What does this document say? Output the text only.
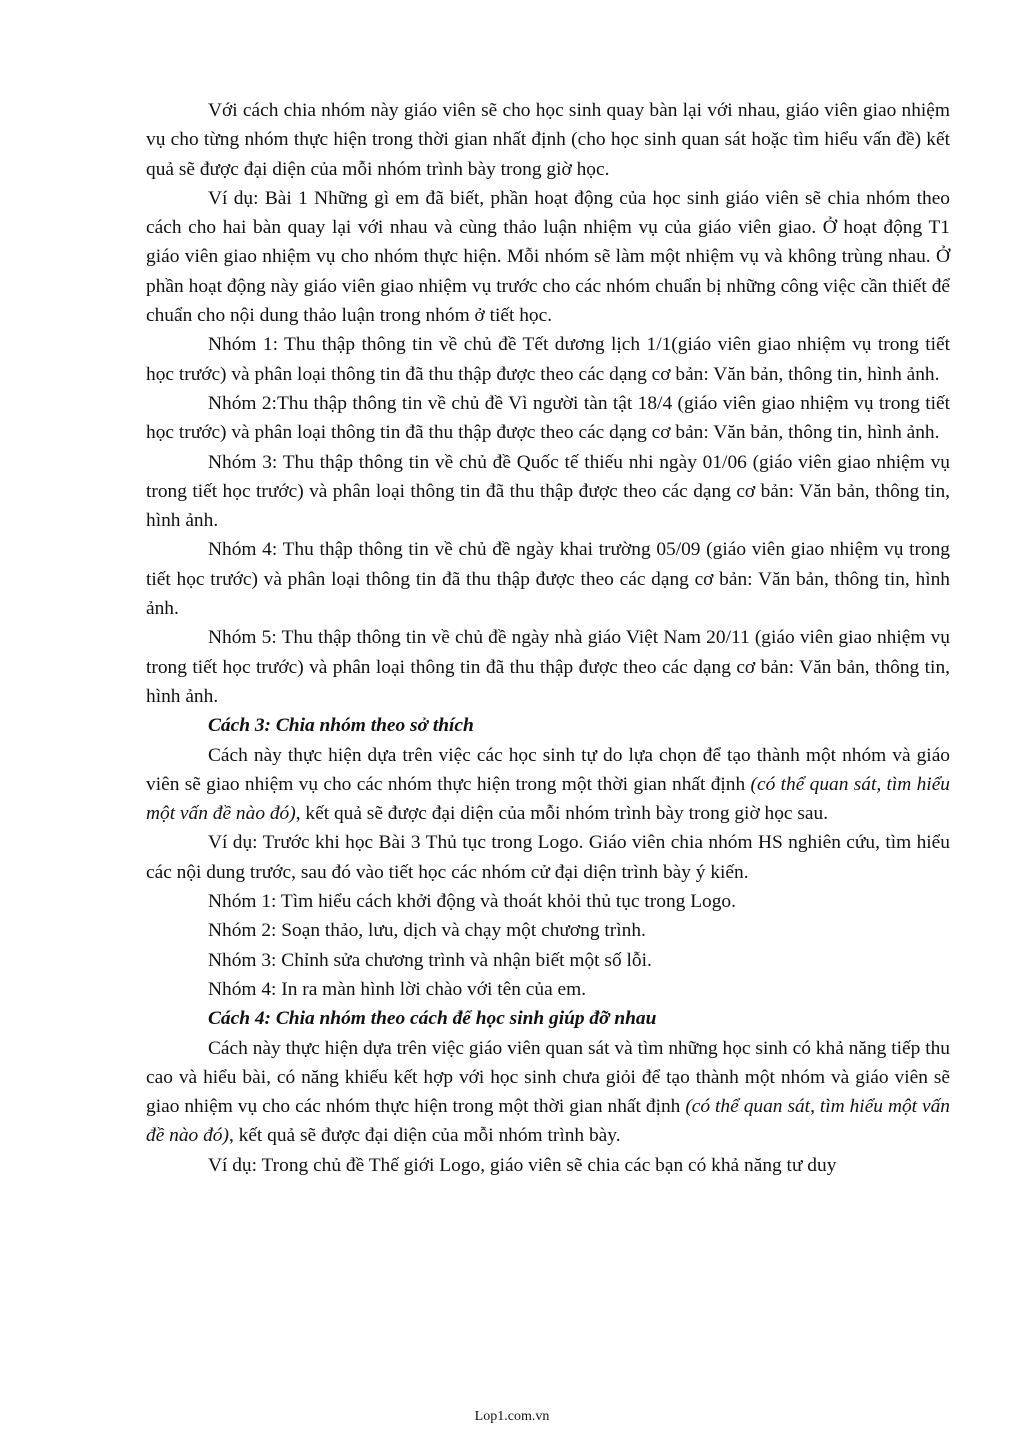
Với cách chia nhóm này giáo viên sẽ cho học sinh quay bàn lại với nhau, giáo viên giao nhiệm vụ cho từng nhóm thực hiện trong thời gian nhất định (cho học sinh quan sát hoặc tìm hiểu vấn đề) kết quả sẽ được đại diện của mỗi nhóm trình bày trong giờ học.

Ví dụ: Bài 1 Những gì em đã biết, phần hoạt động của học sinh giáo viên sẽ chia nhóm theo cách cho hai bàn quay lại với nhau và cùng thảo luận nhiệm vụ của giáo viên giao. Ở hoạt động T1 giáo viên giao nhiệm vụ cho nhóm thực hiện. Mỗi nhóm sẽ làm một nhiệm vụ và không trùng nhau. Ở phần hoạt động này giáo viên giao nhiệm vụ trước cho các nhóm chuẩn bị những công việc cần thiết để chuẩn cho nội dung thảo luận trong nhóm ở tiết học.

Nhóm 1: Thu thập thông tin về chủ đề Tết dương lịch 1/1(giáo viên giao nhiệm vụ trong tiết học trước) và phân loại thông tin đã thu thập được theo các dạng cơ bản: Văn bản, thông tin, hình ảnh.

Nhóm 2:Thu thập thông tin về chủ đề Vì người tàn tật 18/4 (giáo viên giao nhiệm vụ trong tiết học trước) và phân loại thông tin đã thu thập được theo các dạng cơ bản: Văn bản, thông tin, hình ảnh.

Nhóm 3: Thu thập thông tin về chủ đề Quốc tế thiếu nhi ngày 01/06 (giáo viên giao nhiệm vụ trong tiết học trước) và phân loại thông tin đã thu thập được theo các dạng cơ bản: Văn bản, thông tin, hình ảnh.

Nhóm 4: Thu thập thông tin về chủ đề ngày khai trường 05/09 (giáo viên giao nhiệm vụ trong tiết học trước) và phân loại thông tin đã thu thập được theo các dạng cơ bản: Văn bản, thông tin, hình ảnh.

Nhóm 5: Thu thập thông tin về chủ đề ngày nhà giáo Việt Nam 20/11 (giáo viên giao nhiệm vụ trong tiết học trước) và phân loại thông tin đã thu thập được theo các dạng cơ bản: Văn bản, thông tin, hình ảnh.

Cách 3: Chia nhóm theo sở thích

Cách này thực hiện dựa trên việc các học sinh tự do lựa chọn để tạo thành một nhóm và giáo viên sẽ giao nhiệm vụ cho các nhóm thực hiện trong một thời gian nhất định (có thể quan sát, tìm hiểu một vấn đề nào đó), kết quả sẽ được đại diện của mỗi nhóm trình bày trong giờ học sau.

Ví dụ: Trước khi học Bài 3 Thủ tục trong Logo. Giáo viên chia nhóm HS nghiên cứu, tìm hiểu các nội dung trước, sau đó vào tiết học các nhóm cử đại diện trình bày ý kiến.

Nhóm 1: Tìm hiểu cách khởi động và thoát khỏi thủ tục trong Logo.

Nhóm 2: Soạn thảo, lưu, dịch và chạy một chương trình.

Nhóm 3: Chỉnh sửa chương trình và nhận biết một số lỗi.

Nhóm 4: In ra màn hình lời chào với tên của em.

Cách 4: Chia nhóm theo cách để học sinh giúp đỡ nhau

Cách này thực hiện dựa trên việc giáo viên quan sát và tìm những học sinh có khả năng tiếp thu cao và hiểu bài, có năng khiếu kết hợp với học sinh chưa giỏi để tạo thành một nhóm và giáo viên sẽ giao nhiệm vụ cho các nhóm thực hiện trong một thời gian nhất định (có thể quan sát, tìm hiểu một vấn đề nào đó), kết quả sẽ được đại diện của mỗi nhóm trình bày.

Ví dụ: Trong chủ đề Thế giới Logo, giáo viên sẽ chia các bạn có khả năng tư duy

Lop1.com.vn
